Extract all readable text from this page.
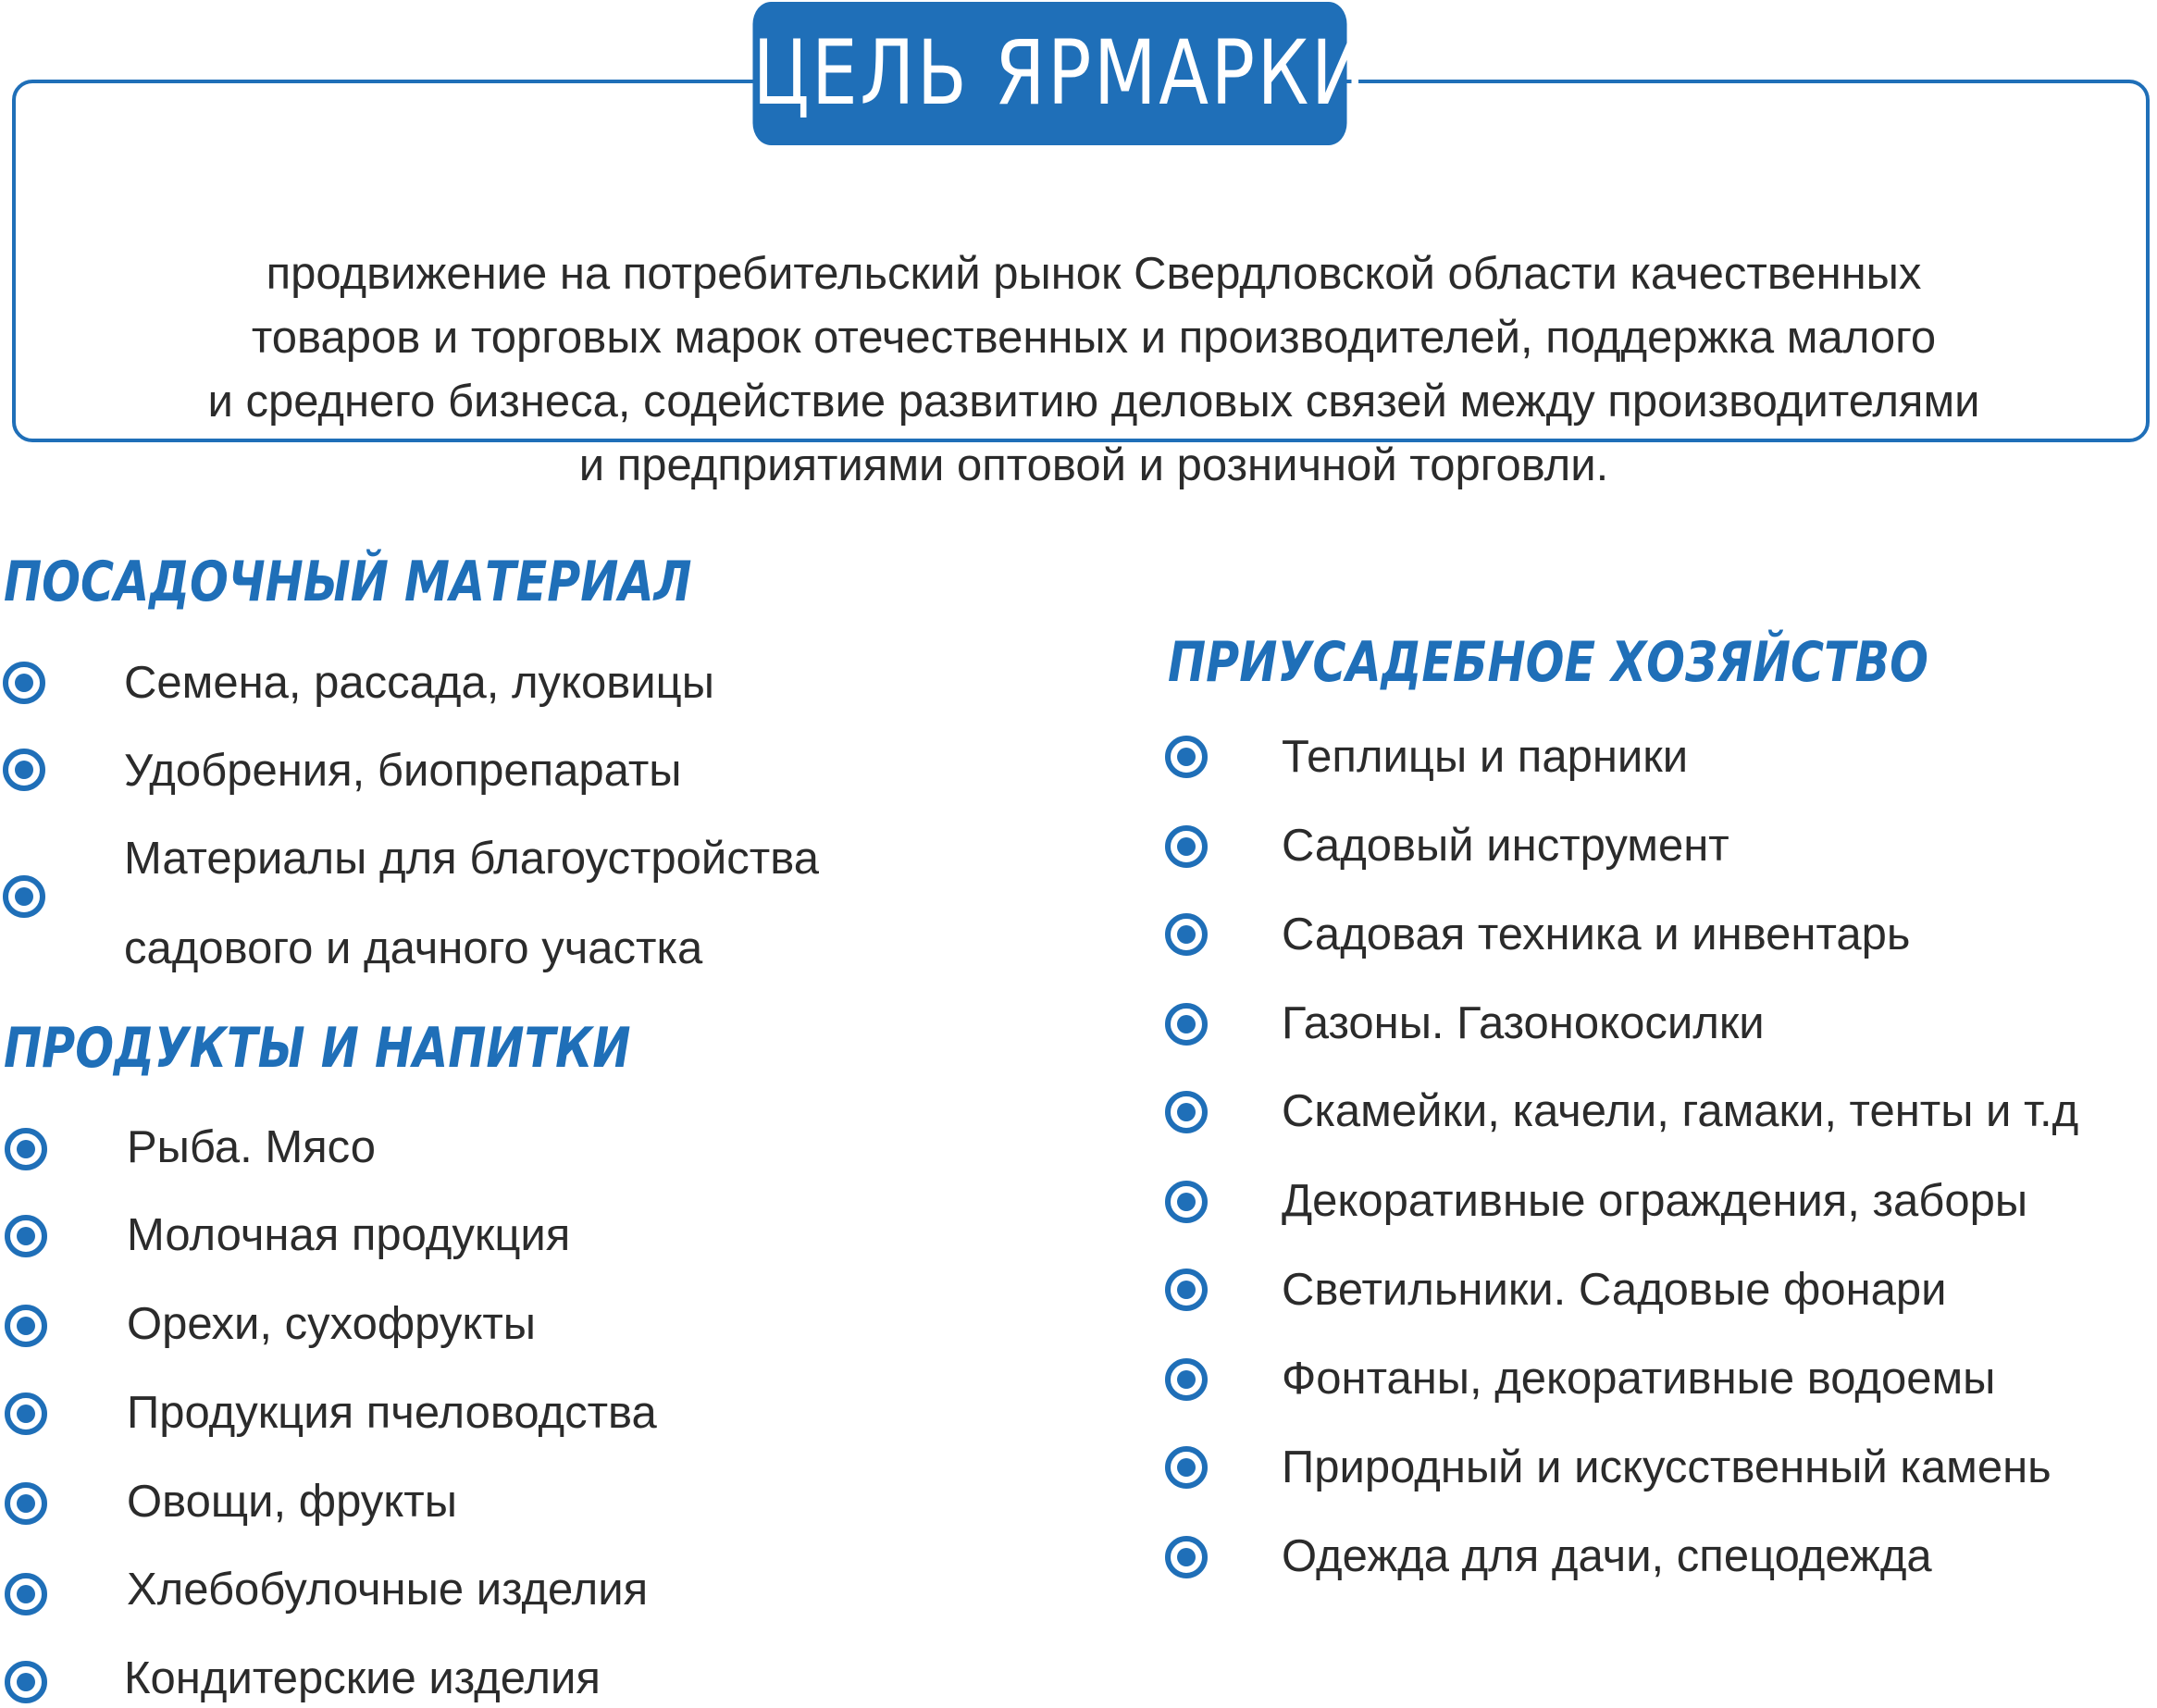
продвижение на потребительский рынок Свердловской области качественных
товаров и торговых марок отечественных и производителей, поддержка малого
и среднего бизнеса, содействие развитию деловых связей между производителями
и предприятиями оптовой и розничной торговли.
ЦЕЛЬ ЯРМАРКИ:
ПОСАДОЧНЫЙ МАТЕРИАЛ
Семена, рассада, луковицы
Удобрения, биопрепараты
Материалы для благоустройства
садового и дачного участка
ПРОДУКТЫ И НАПИТКИ
Рыба. Мясо
Молочная продукция
Орехи, сухофрукты
Продукция пчеловодства
Овощи, фрукты
Хлебобулочные изделия
Кондитерские изделия
ПРИУСАДЕБНОЕ ХОЗЯЙСТВО
Теплицы и парники
Садовый инструмент
Садовая техника и инвентарь
Газоны. Газонокосилки
Скамейки, качели, гамаки, тенты и т.д
Декоративные ограждения, заборы
Светильники. Садовые фонари
Фонтаны, декоративные водоемы
Природный и искусственный камень
Одежда для дачи, спецодежда
